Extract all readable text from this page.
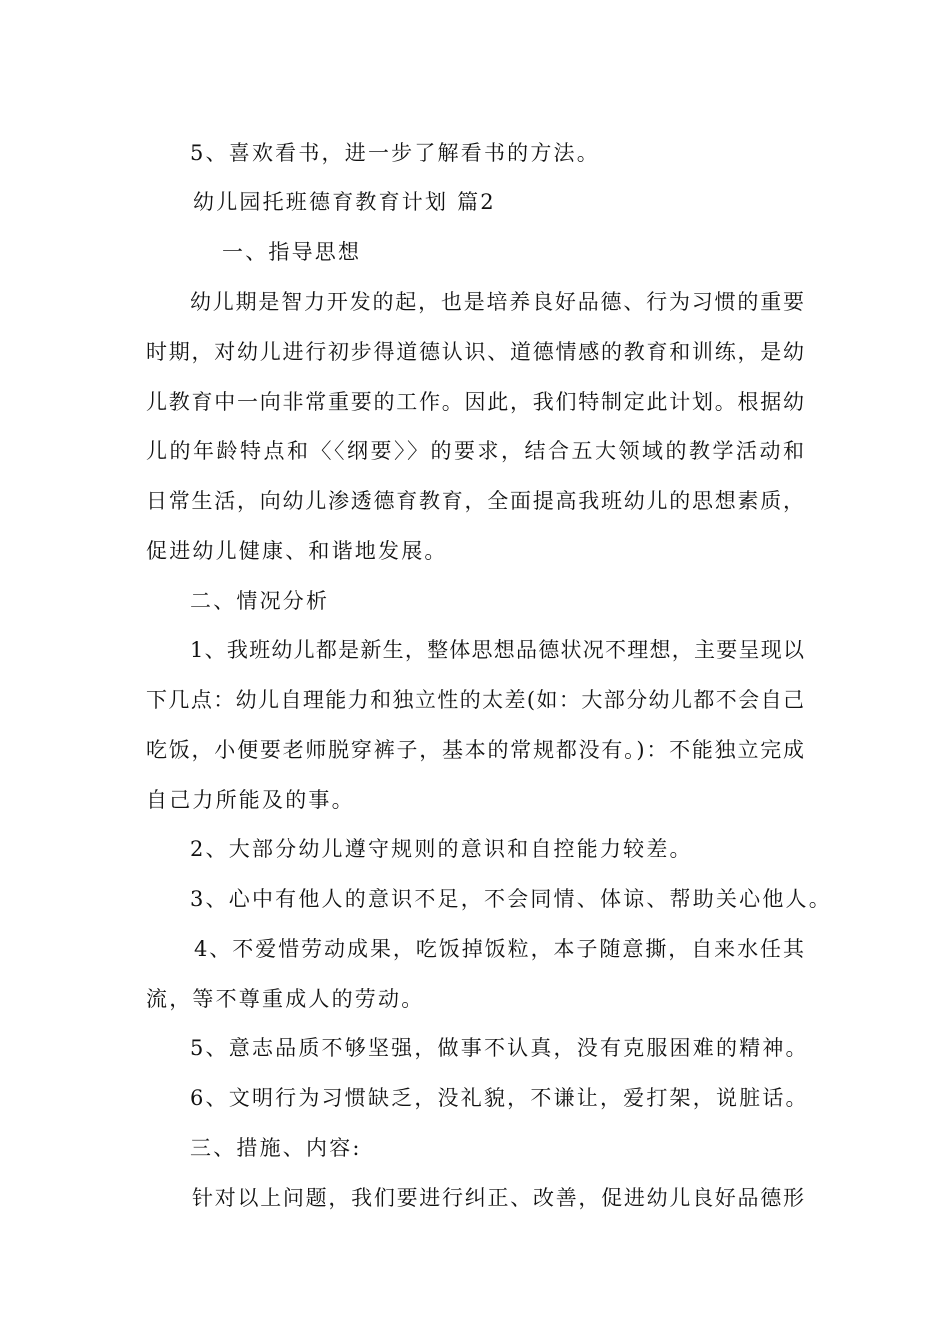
5、喜欢看书，进一步了解看书的方法。
幼儿园托班德育教育计划 篇2
一、指导思想
幼儿期是智力开发的起，也是培养良好品德、行为习惯的重要
时期，对幼儿进行初步得道德认识、道德情感的教育和训练，是幼
儿教育中一向非常重要的工作。因此，我们特制定此计划。根据幼
儿的年龄特点和〈〈纲要〉〉的要求，结合五大领域的教学活动和
日常生活，向幼儿渗透德育教育，全面提高我班幼儿的思想素质，
促进幼儿健康、和谐地发展。
二、情况分析
1、我班幼儿都是新生，整体思想品德状况不理想，主要呈现以
下几点：幼儿自理能力和独立性的太差(如：大部分幼儿都不会自己
吃饭，小便要老师脱穿裤子，基本的常规都没有。)：不能独立完成
自己力所能及的事。
2、大部分幼儿遵守规则的意识和自控能力较差。
3、心中有他人的意识不足，不会同情、体谅、帮助关心他人。
4、不爱惜劳动成果，吃饭掉饭粒，本子随意撕，自来水任其
流，等不尊重成人的劳动。
5、意志品质不够坚强，做事不认真，没有克服困难的精神。
6、文明行为习惯缺乏，没礼貌，不谦让，爱打架，说脏话。
三、措施、内容:
针对以上问题，我们要进行纠正、改善，促进幼儿良好品德形
